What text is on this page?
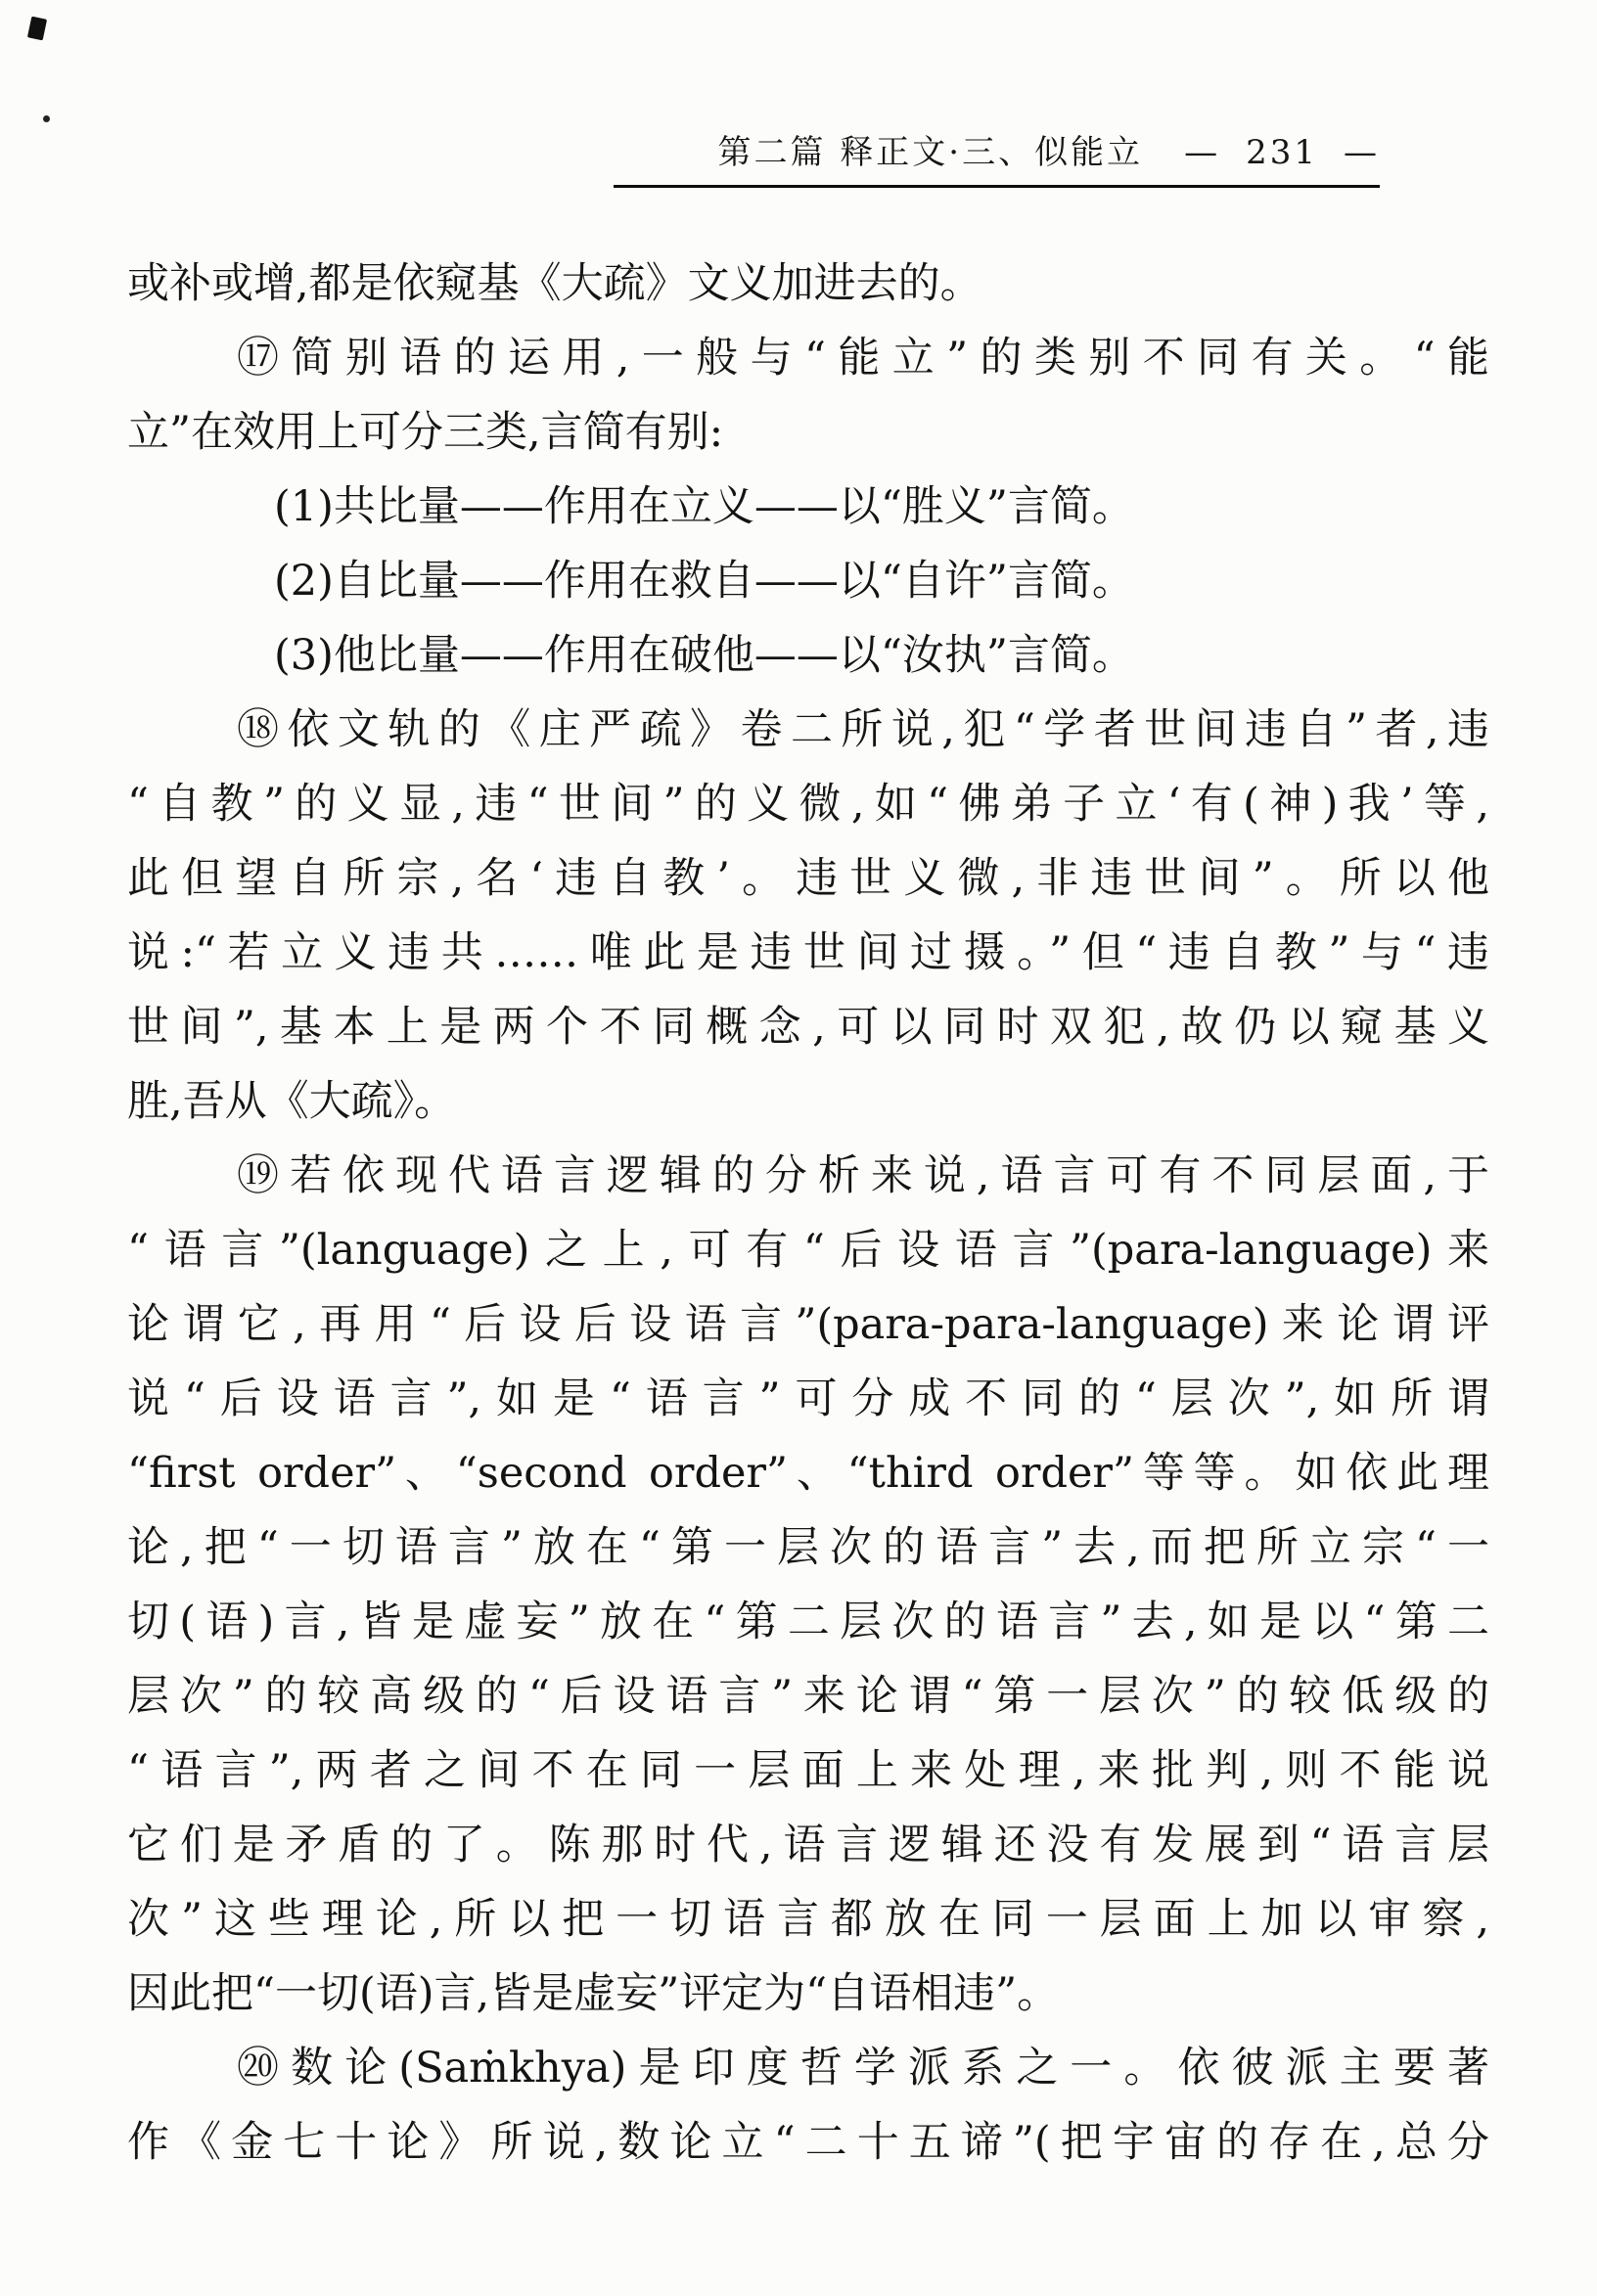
第二篇 释正文·三、似能立 — 231 —
或补或增,都是依窥基《大疏》文义加进去的。
⑰简别语的运用,一般与“能立”的类别不同有关。“能
立”在效用上可分三类,言简有别:
(1)共比量——作用在立义——以“胜义”言简。
(2)自比量——作用在救自——以“自许”言简。
(3)他比量——作用在破他——以“汝执”言简。
⑱依文轨的《庄严疏》卷二所说,犯“学者世间违自”者,违
“自教”的义显,违“世间”的义微,如“佛弟子立‘有(神)我’等,
此但望自所宗,名‘违自教’。违世义微,非违世间”。所以他
说:“若立义违共……唯此是违世间过摄。”但“违自教”与“违
世间”,基本上是两个不同概念,可以同时双犯,故仍以窥基义
胜,吾从《大疏》。
⑲若依现代语言逻辑的分析来说,语言可有不同层面,于
“语言”(language)之上,可有“后设语言”(para-language)来
论谓它,再用“后设后设语言”(para-para-language)来论谓评
说“后设语言”,如是“语言”可分成不同的“层次”,如所谓
“first order”、“second order”、“third order”等等。如依此理
论,把“一切语言”放在“第一层次的语言”去,而把所立宗“一
切(语)言,皆是虚妄”放在“第二层次的语言”去,如是以“第二
层次”的较高级的“后设语言”来论谓“第一层次”的较低级的
“语言”,两者之间不在同一层面上来处理,来批判,则不能说
它们是矛盾的了。陈那时代,语言逻辑还没有发展到“语言层
次”这些理论,所以把一切语言都放在同一层面上加以审察,
因此把“一切(语)言,皆是虚妄”评定为“自语相违”。
⑳数论(Saṁkhya)是印度哲学派系之一。依彼派主要著
作《金七十论》所说,数论立“二十五谛”(把宇宙的存在,总分
